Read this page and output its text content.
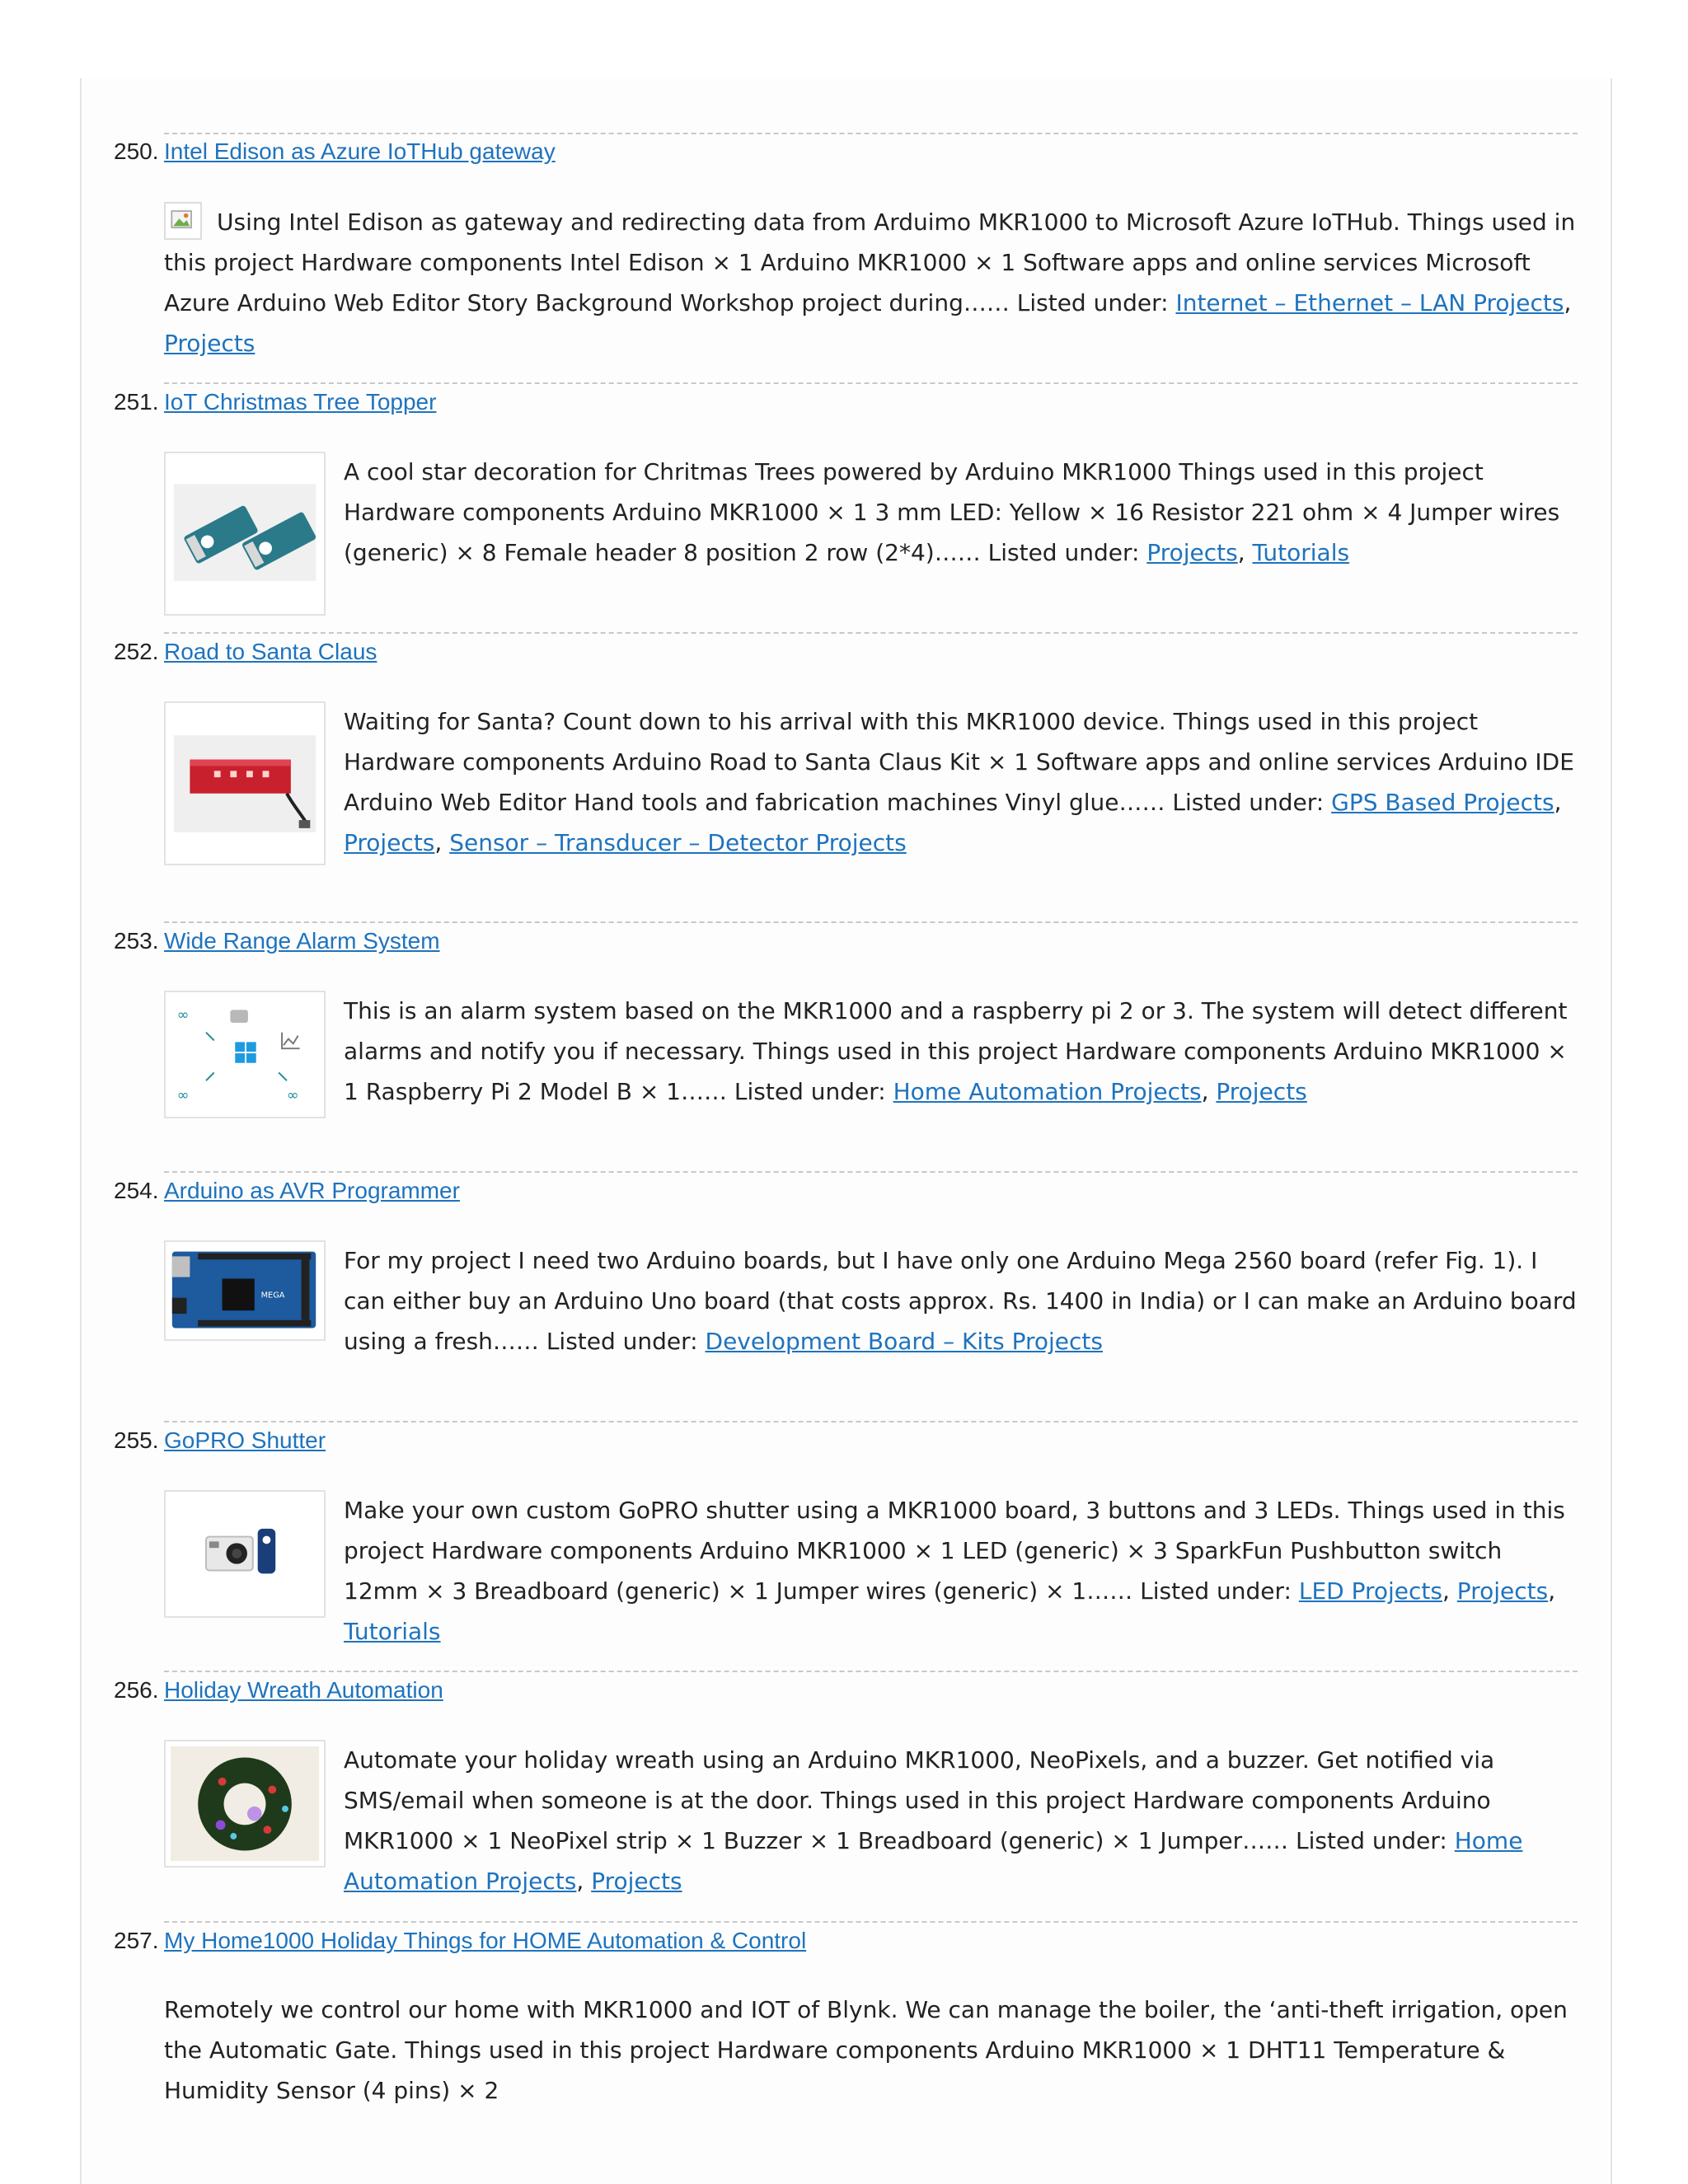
250. Intel Edison as Azure IoTHub gateway
Using Intel Edison as gateway and redirecting data from Arduimo MKR1000 to Microsoft Azure IoTHub. Things used in this project Hardware components Intel Edison × 1 Arduino MKR1000 × 1 Software apps and online services Microsoft Azure Arduino Web Editor Story Background Workshop project during…… Listed under: Internet – Ethernet – LAN Projects, Projects
251. IoT Christmas Tree Topper
A cool star decoration for Chritmas Trees powered by Arduino MKR1000 Things used in this project Hardware components Arduino MKR1000 × 1 3 mm LED: Yellow × 16 Resistor 221 ohm × 4 Jumper wires (generic) × 8 Female header 8 position 2 row (2*4)…… Listed under: Projects, Tutorials
252. Road to Santa Claus
Waiting for Santa? Count down to his arrival with this MKR1000 device. Things used in this project Hardware components Arduino Road to Santa Claus Kit × 1 Software apps and online services Arduino IDE Arduino Web Editor Hand tools and fabrication machines Vinyl glue…… Listed under: GPS Based Projects, Projects, Sensor – Transducer – Detector Projects
253. Wide Range Alarm System
∞
∞	∞
This is an alarm system based on the MKR1000 and a raspberry pi 2 or 3. The system will detect different alarms and notify you if necessary. Things used in this project Hardware components Arduino MKR1000 × 1 Raspberry Pi 2 Model B × 1…… Listed under: Home Automation Projects, Projects
254. Arduino as AVR Programmer
MEGA
For my project I need two Arduino boards, but I have only one Arduino Mega 2560 board (refer Fig. 1). I can either buy an Arduino Uno board (that costs approx. Rs. 1400 in India) or I can make an Arduino board using a fresh…… Listed under: Development Board – Kits Projects
255. GoPRO Shutter
Make your own custom GoPRO shutter using a MKR1000 board, 3 buttons and 3 LEDs. Things used in this project Hardware components Arduino MKR1000 × 1 LED (generic) × 3 SparkFun Pushbutton switch 12mm × 3 Breadboard (generic) × 1 Jumper wires (generic) × 1…… Listed under: LED Projects, Projects, Tutorials
256. Holiday Wreath Automation
Automate your holiday wreath using an Arduino MKR1000, NeoPixels, and a buzzer. Get notified via SMS/email when someone is at the door. Things used in this project Hardware components Arduino MKR1000 × 1 NeoPixel strip × 1 Buzzer × 1 Breadboard (generic) × 1 Jumper…… Listed under: Home Automation Projects, Projects
257. My Home1000 Holiday Things for HOME Automation & Control
Remotely we control our home with MKR1000 and IOT of Blynk. We can manage the boiler, the ‘anti-theft irrigation, open the Automatic Gate. Things used in this project Hardware components Arduino MKR1000 × 1 DHT11 Temperature & Humidity Sensor (4 pins) × 2
